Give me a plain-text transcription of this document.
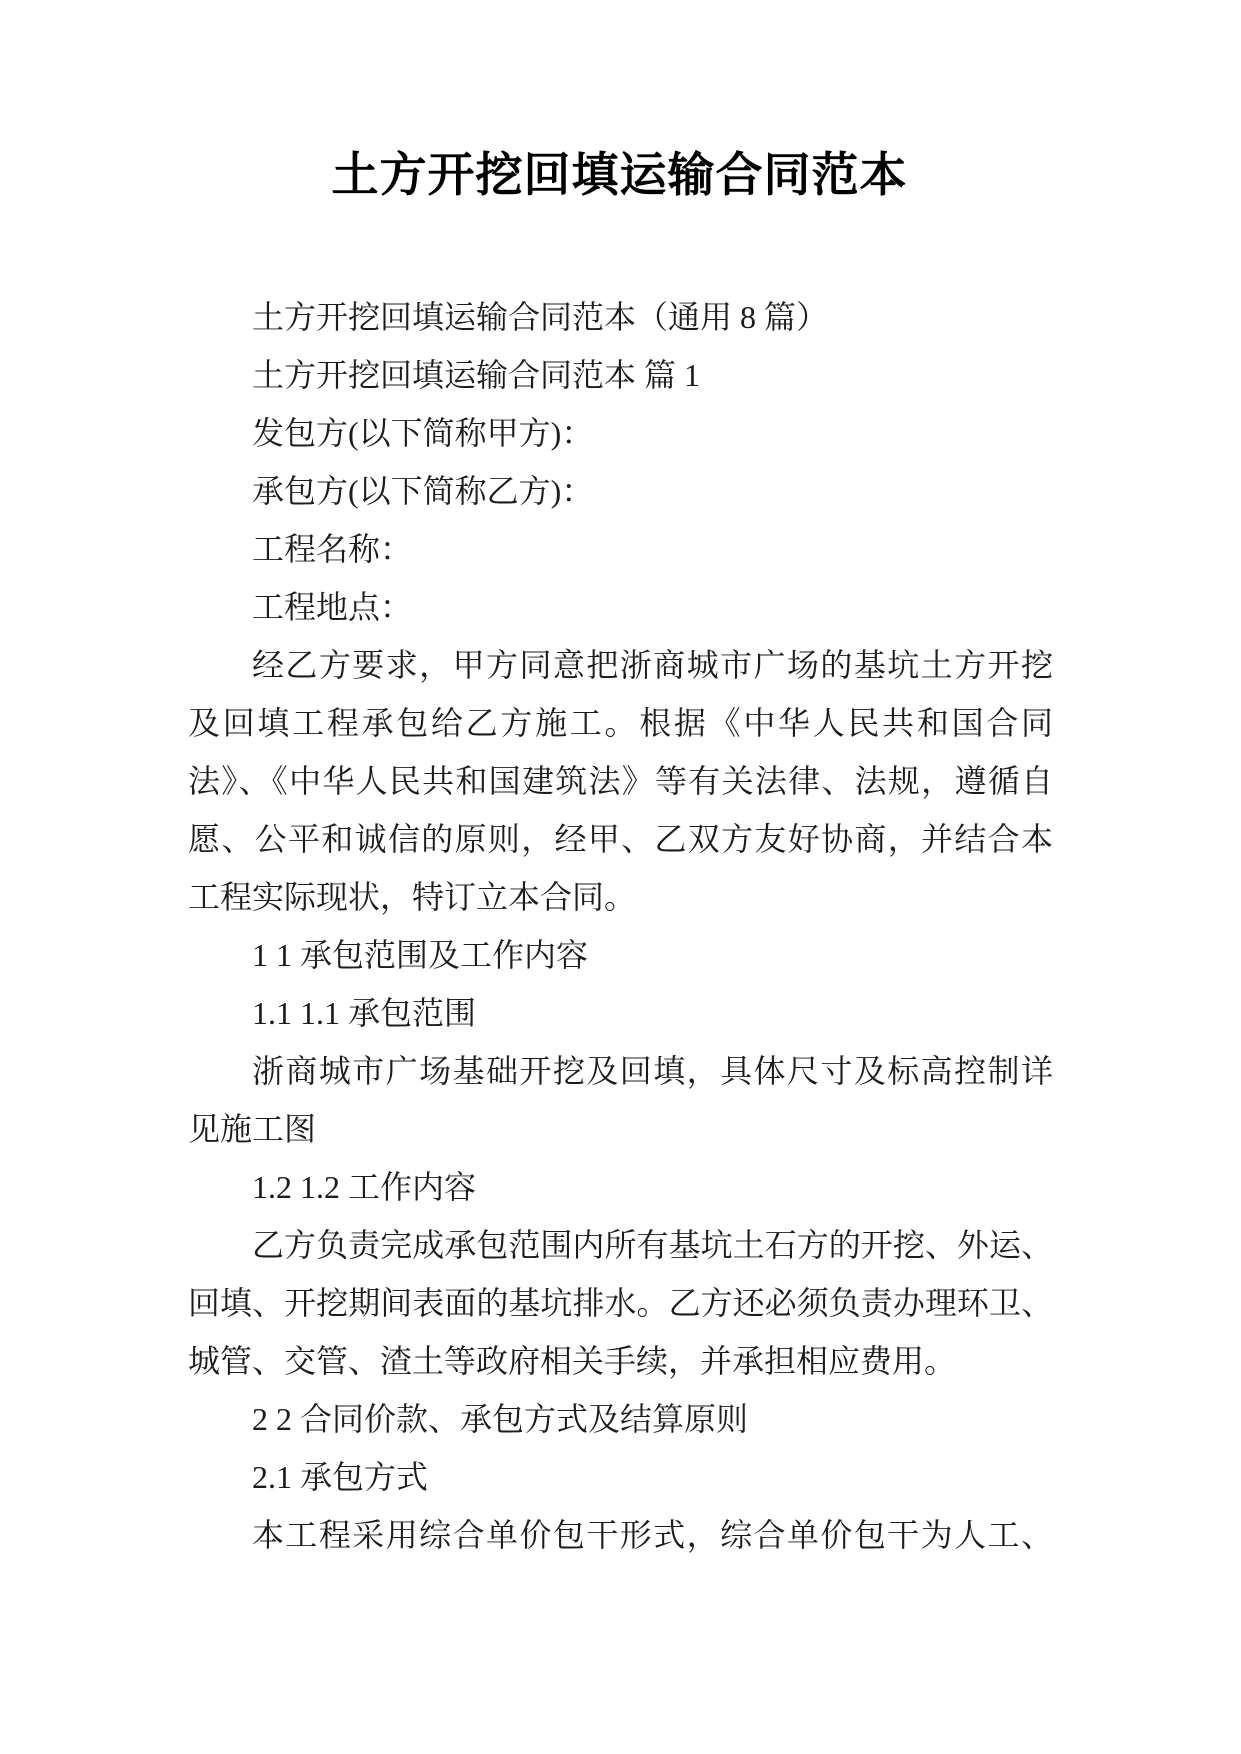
土方开挖回填运输合同范本
土方开挖回填运输合同范本（通用 8 篇）
土方开挖回填运输合同范本 篇 1
发包方(以下简称甲方)：
承包方(以下简称乙方)：
工程名称：
工程地点：
经乙方要求，甲方同意把浙商城市广场的基坑土方开挖
及回填工程承包给乙方施工。根据《中华人民共和国合同
法》、《中华人民共和国建筑法》等有关法律、法规，遵循自
愿、公平和诚信的原则，经甲、乙双方友好协商，并结合本
工程实际现状，特订立本合同。
1 1 承包范围及工作内容
1.1 1.1 承包范围
浙商城市广场基础开挖及回填，具体尺寸及标高控制详
见施工图
1.2 1.2 工作内容
乙方负责完成承包范围内所有基坑土石方的开挖、外运、
回填、开挖期间表面的基坑排水。乙方还必须负责办理环卫、
城管、交管、渣土等政府相关手续，并承担相应费用。
2 2 合同价款、承包方式及结算原则
2.1 承包方式
本工程采用综合单价包干形式，综合单价包干为人工、
